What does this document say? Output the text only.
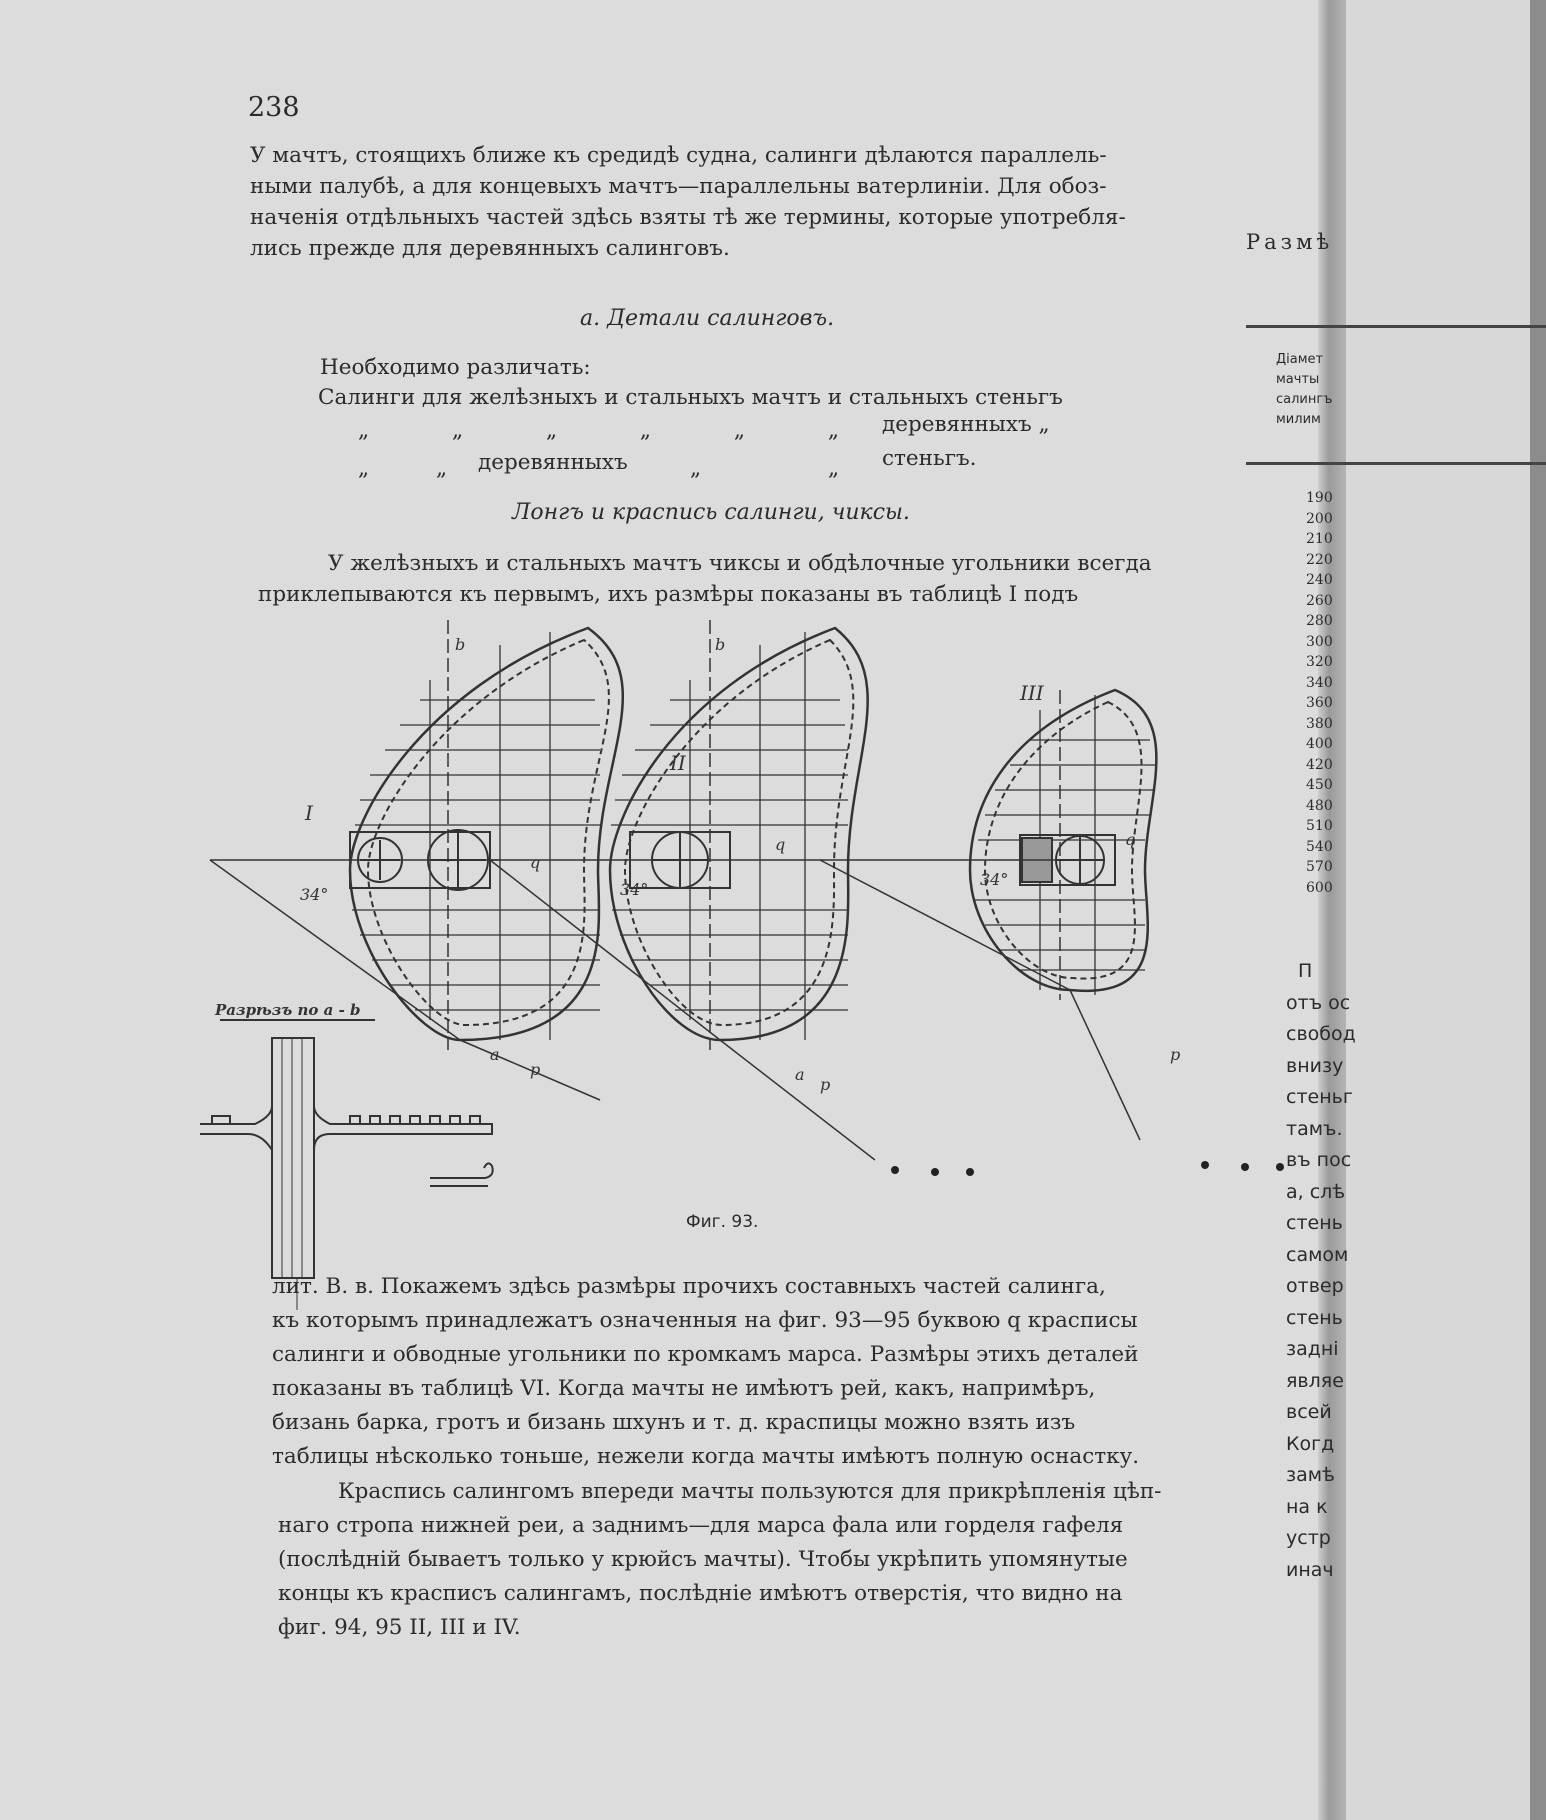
238

У мачтъ, стоящихъ ближе къ средидѣ судна, салинги дѣлаются параллель-

ными палубѣ, а для концевыхъ мачтъ—параллельны ватерлиніи. Для обоз-

наченія отдѣльныхъ частей здѣсь взяты тѣ же термины, которые употребля-

лись прежде для деревянныхъ салинговъ.

а. Детали салинговъ.
Необходимо различать:
Салинги для желѣзныхъ и стальныхъ мачтъ и стальныхъ стеньгъ
„ „ „ „ „ „ деревянныхъ „
„ „ деревянныхъ	„ „
стеньгъ.
Лонгъ и краспись салинги, чиксы.

У желѣзныхъ и стальныхъ мачтъ чиксы и обдѣлочные угольники всегда

приклепываются къ первымъ, ихъ размѣры показаны въ таблицѣ I подъ

I
II
III
34°	34°
34°
q
q	q
p
p
p
a
a
b	b
Разрѣзъ по а - b
Фиг. 93.

лит. В. в. Покажемъ здѣсь размѣры прочихъ составныхъ частей салинга,

къ которымъ принадлежатъ означенныя на фиг. 93—95 буквою q красписы

салинги и обводные угольники по кромкамъ марса. Размѣры этихъ деталей

показаны въ таблицѣ VI. Когда мачты не имѣютъ рей, какъ, напримѣръ,

бизань барка, гротъ и бизань шхунъ и т. д. краспицы можно взять изъ

таблицы нѣсколько тоньше, нежели когда мачты имѣютъ полную оснастку.

Краспись салингомъ впереди мачты пользуются для прикрѣпленія цѣп-

наго стропа нижней реи, а заднимъ—для марса фала или горделя гафеля

(послѣдній бываетъ только у крюйсъ мачты). Чтобы укрѣпить упомянутые

концы къ красписъ салингамъ, послѣдніе имѣютъ отверстія, что видно на

фиг. 94, 95 II, III и IV.

Размѣ
Діамет
мачты
салингъ
милим
190
200
210
220
240
260
280
300
320
340
360
380
400
420
450
480
510
540
570
600
П
отъ ос
свобод
внизу
стеньг
тамъ.
въ пос
а, слѣ
стень
самом
отвер
стень
задні
являе
всей
Когд
замѣ
на к
устр
инач
